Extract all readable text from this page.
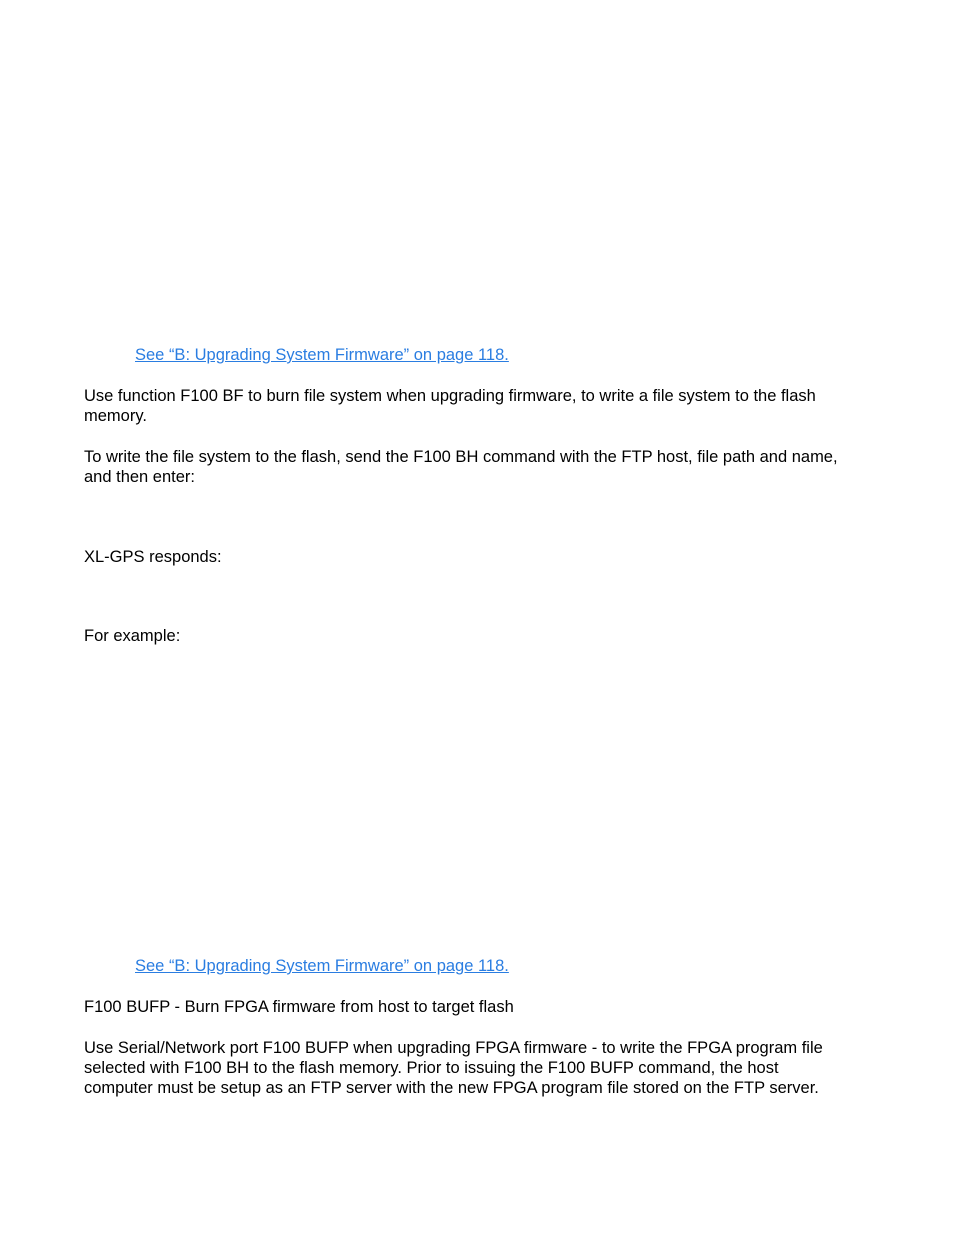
See “B: Upgrading System Firmware” on page 118.

Use function F100 BF to burn file system when upgrading firmware, to write a file system to the flash
memory.

To write the file system to the flash, send the F100 BH command with the FTP host, file path and name,
and then enter:

XL-GPS responds:

For example:

See “B: Upgrading System Firmware” on page 118.

F100 BUFP - Burn FPGA firmware from host to target flash

Use Serial/Network port F100 BUFP when upgrading FPGA firmware - to write the FPGA program file
selected with F100 BH to the flash memory. Prior to issuing the F100 BUFP command, the host
computer must be setup as an FTP server with the new FPGA program file stored on the FTP server.
